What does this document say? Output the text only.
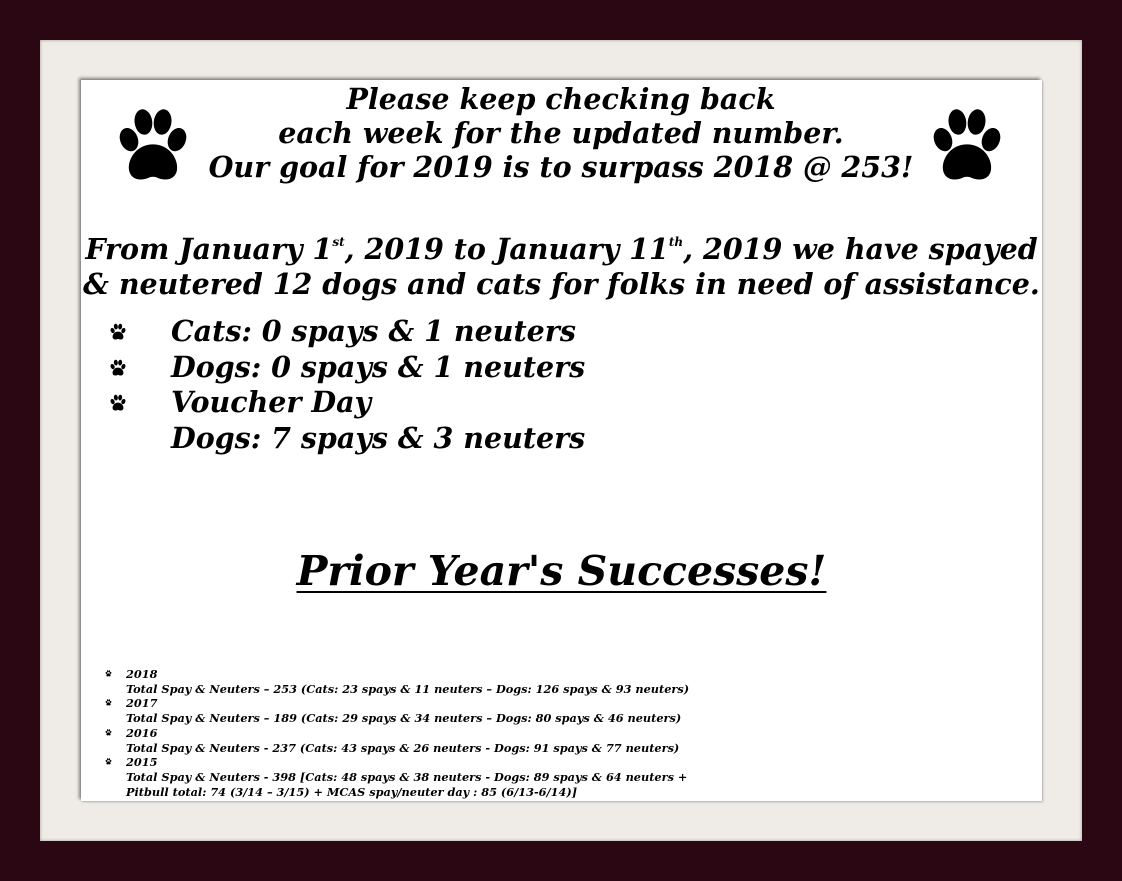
Please keep checking back
each week for the updated number.
Our goal for 2019 is to surpass 2018 @ 253!
From January 1st, 2019 to January 11th, 2019 we have spayed
& neutered 12 dogs and cats for folks in need of assistance.
Cats: 0 spays & 1 neuters
Dogs: 0 spays & 1 neuters
Voucher Day
Dogs: 7 spays & 3 neuters
Prior Year's Successes!
2018
Total Spay & Neuters – 253 (Cats: 23 spays & 11 neuters – Dogs: 126 spays & 93 neuters)
2017
Total Spay & Neuters – 189 (Cats: 29 spays & 34 neuters – Dogs: 80 spays & 46 neuters)
2016
Total Spay & Neuters - 237 (Cats: 43 spays & 26 neuters - Dogs: 91 spays & 77 neuters)
2015
Total Spay & Neuters - 398 [Cats: 48 spays & 38 neuters - Dogs: 89 spays & 64 neuters +
Pitbull total: 74 (3/14 – 3/15) + MCAS spay/neuter day : 85 (6/13-6/14)]
